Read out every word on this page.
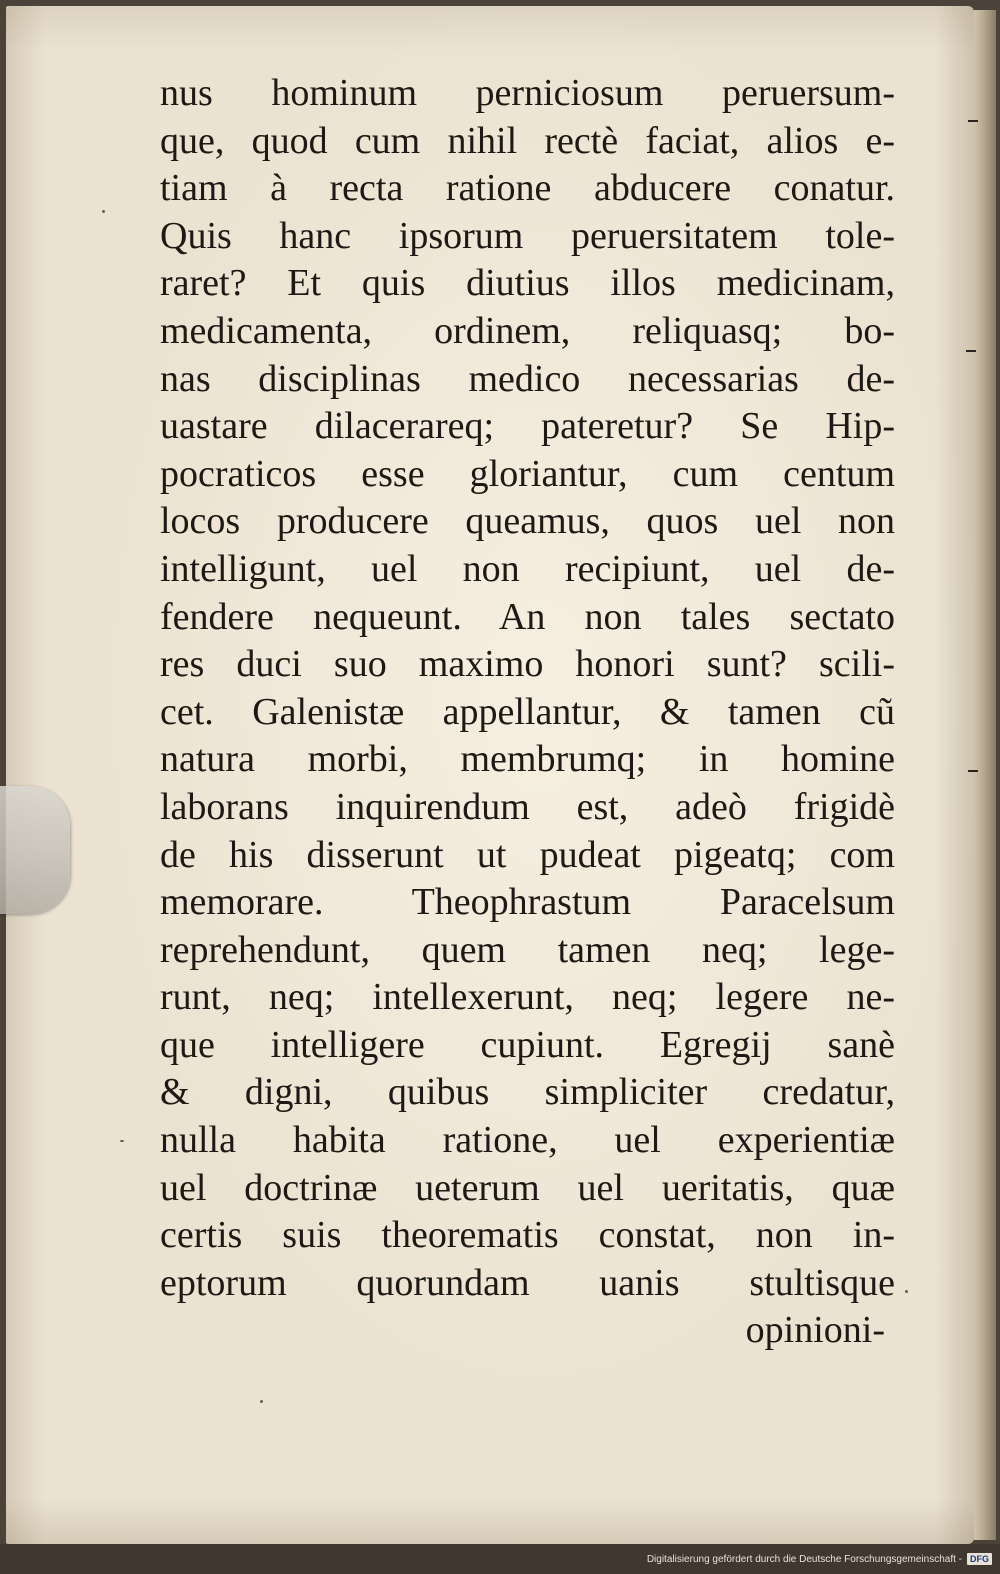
nus hominum perniciosum peruersum-
que, quod cum nihil rectè faciat, alios e-
tiam à recta ratione abducere conatur.
Quis hanc ipsorum peruersitatem tole-
raret? Et quis diutius illos medicinam,
medicamenta, ordinem, reliquasq; bo-
nas disciplinas medico necessarias de-
uastare dilacerareq; pateretur? Se Hip-
pocraticos esse gloriantur, cum centum
locos producere queamus, quos uel non
intelligunt, uel non recipiunt, uel de-
fendere nequeunt. An non tales sectato
res duci suo maximo honori sunt? scili-
cet. Galenistæ appellantur, & tamen cũ
natura morbi, membrumq; in homine
laborans inquirendum est, adeò frigidè
de his disserunt ut pudeat pigeatq; com
memorare. Theophrastum Paracelsum
reprehendunt, quem tamen neq; lege-
runt, neq; intellexerunt, neq; legere ne-
que intelligere cupiunt. Egregij sanè
& digni, quibus simpliciter credatur,
nulla habita ratione, uel experientiæ
uel doctrinæ ueterum uel ueritatis, quæ
certis suis theorematis constat, non in-
eptorum quorundam uanis stultisque
opinioni-
Digitalisierung gefördert durch die Deutsche Forschungsgemeinschaft - DFG
